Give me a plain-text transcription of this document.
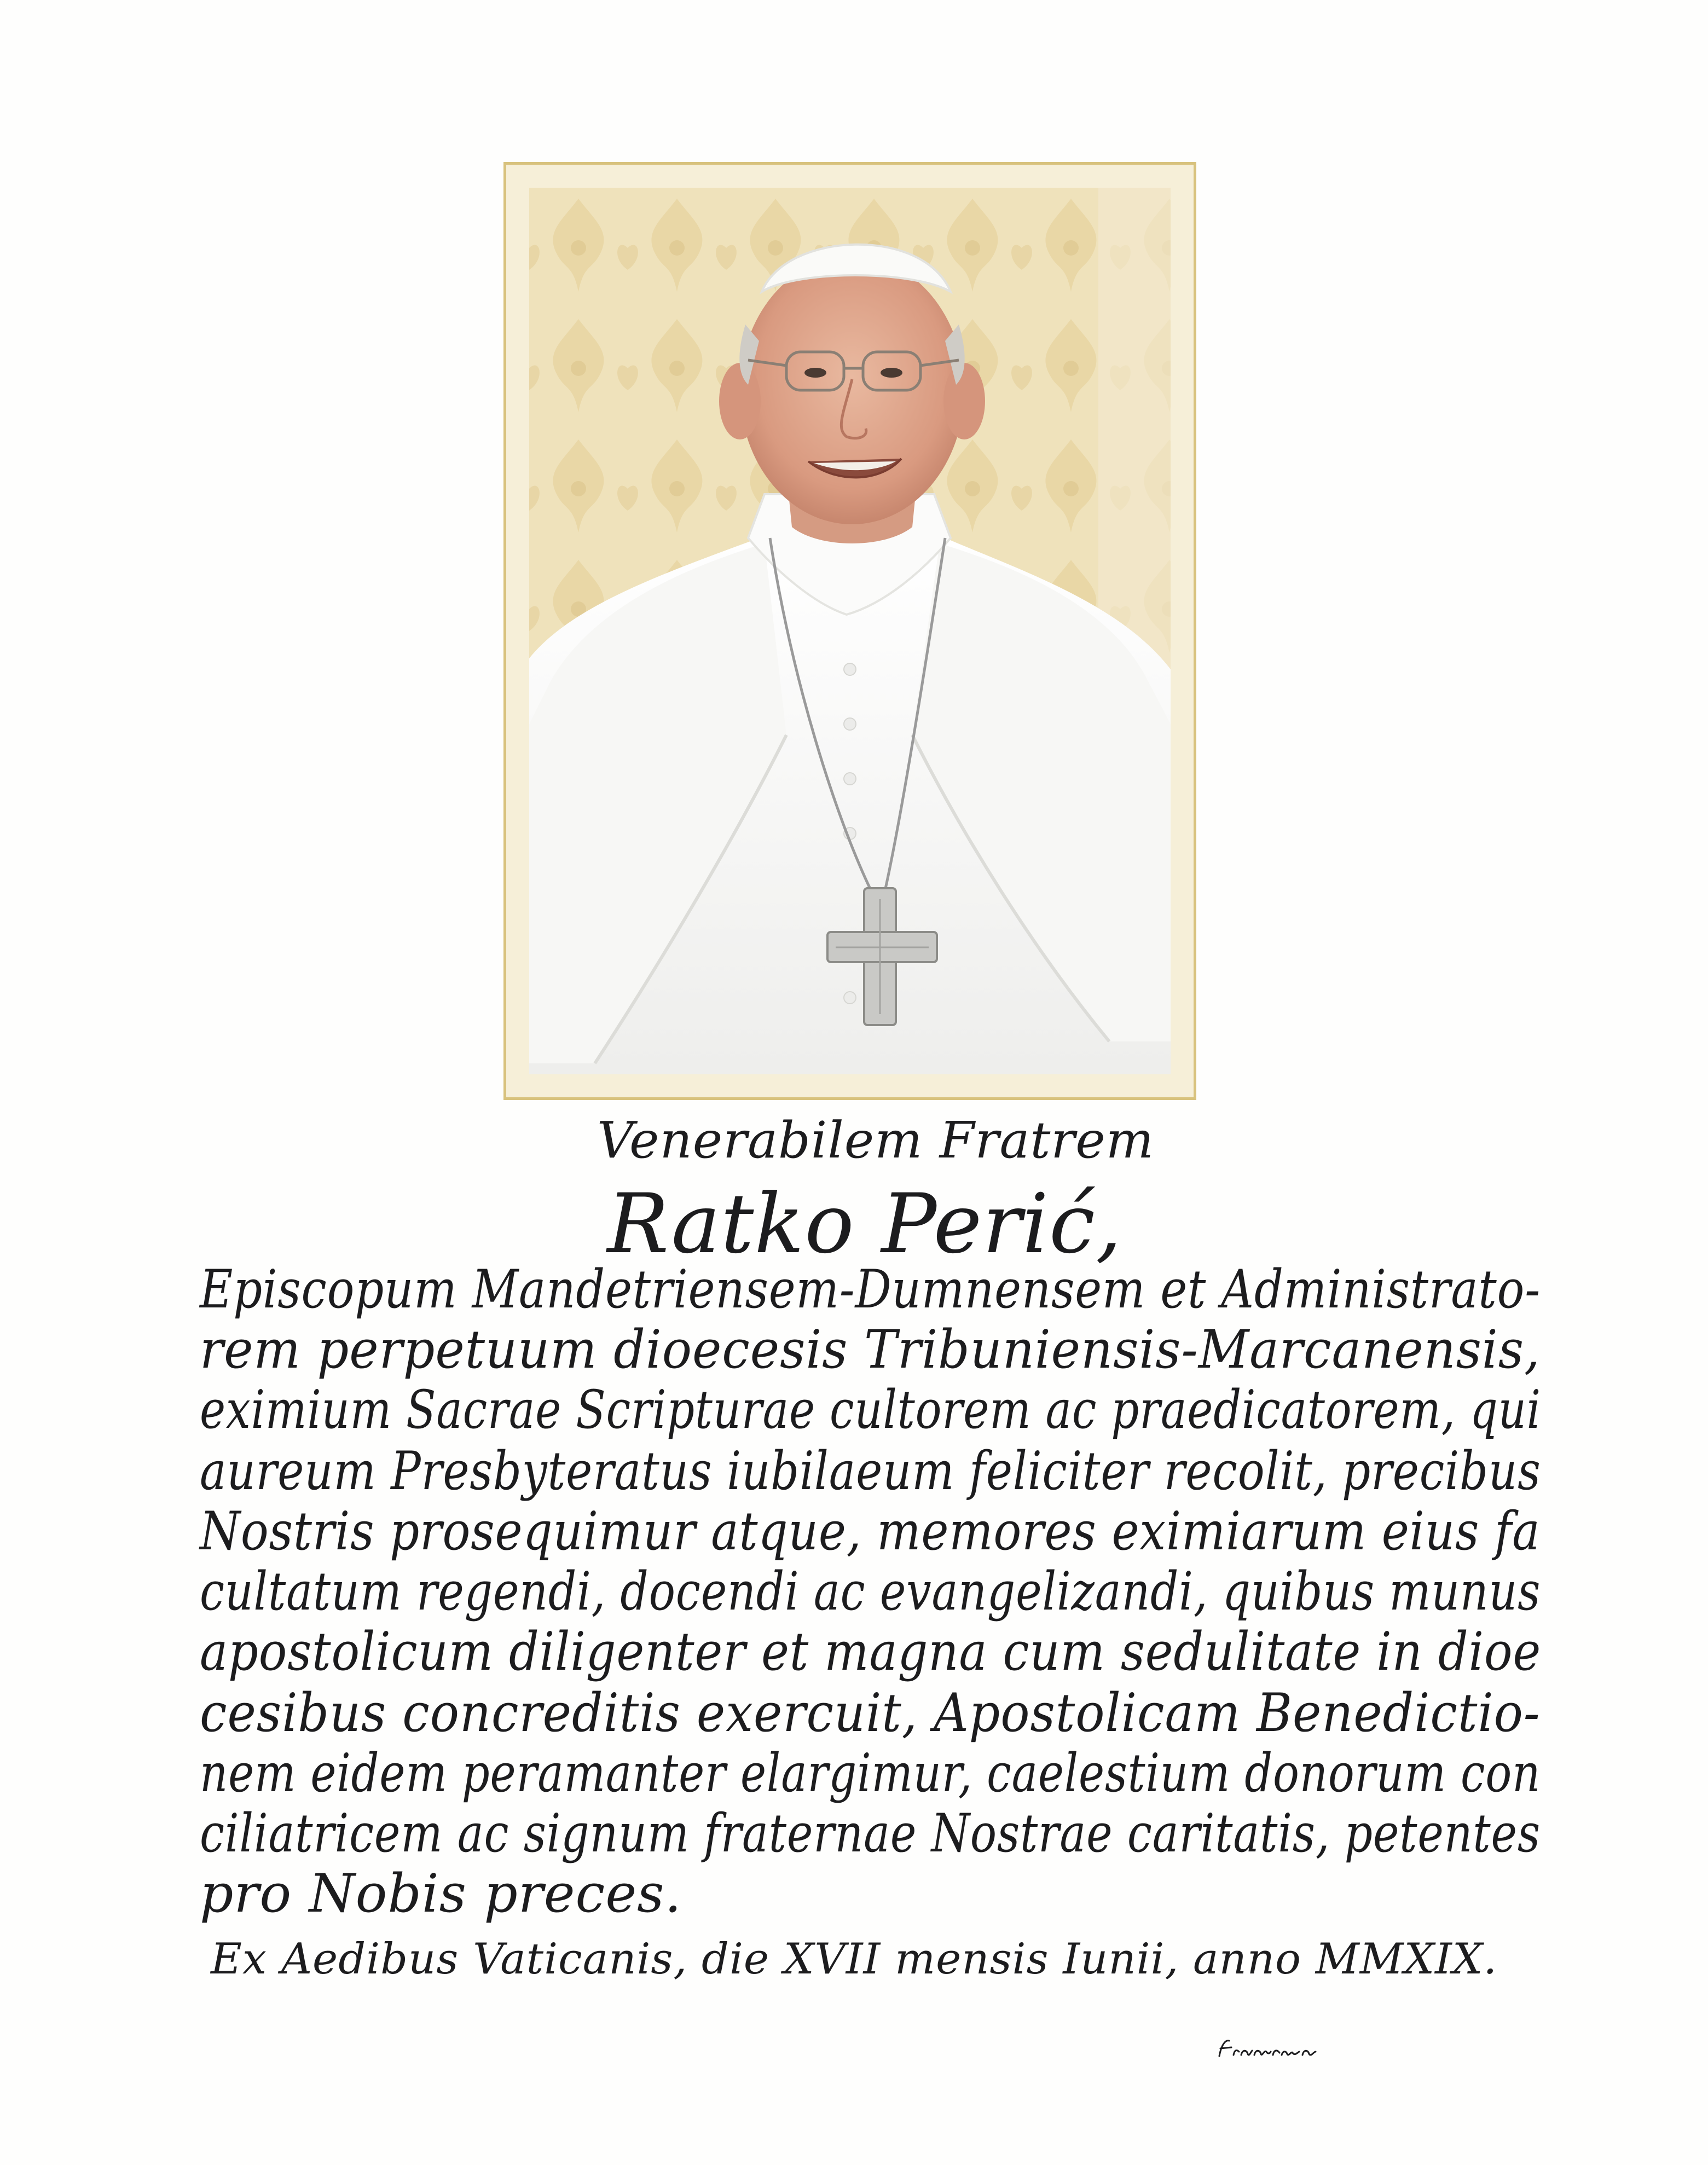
Venerabilem Fratrem
Ratko Perić,
Episcopum Mandetriensem-Dumnensem et Administrato-
rem perpetuum dioecesis Tribuniensis-Marcanensis,
eximium Sacrae Scripturae cultorem ac praedicatorem, qui
aureum Presbyteratus iubilaeum feliciter recolit, precibus
Nostris prosequimur atque, memores eximiarum eius fa
cultatum regendi, docendi ac evangelizandi, quibus munus
apostolicum diligenter et magna cum sedulitate in dioe
cesibus concreditis exercuit, Apostolicam Benedictio-
nem eidem peramanter elargimur, caelestium donorum con
ciliatricem ac signum fraternae Nostrae caritatis, petentes
pro Nobis preces.
Ex Aedibus Vaticanis, die XVII mensis Iunii, anno MMXIX.
